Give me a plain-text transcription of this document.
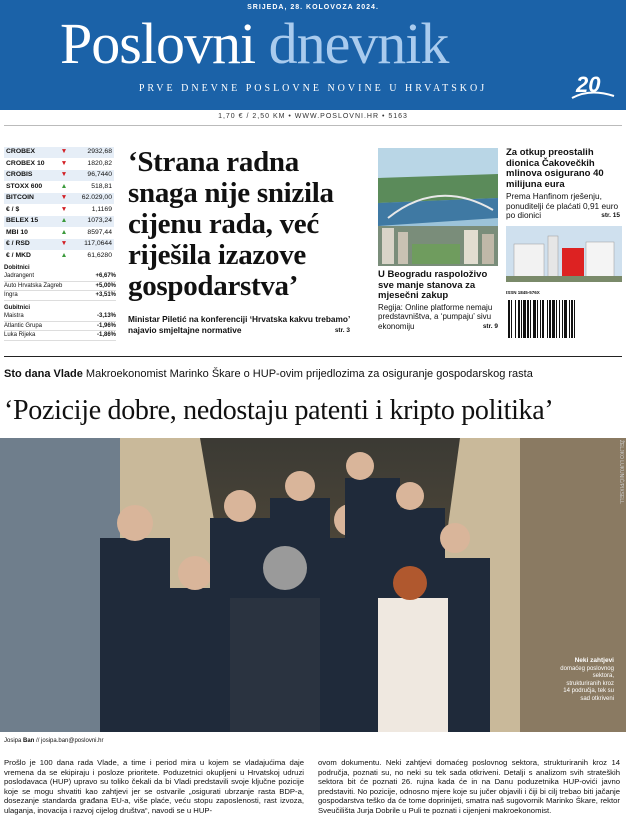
SRIJEDA, 28. KOLOVOZA 2024.
Poslovni dnevnik
PRVE DNEVNE POSLOVNE NOVINE U HRVATSKOJ	20
1,70 € / 2,50 KM • WWW.POSLOVNI.HR • 5163
CROBEX	▼	2932,68
CROBEX 10	▼	1820,82
CROBIS	▼	96,7440
STOXX 600	▲	518,81
BITCOIN	▼	62.029,00
€ / $	▼	1,1169
BELEX 15	▲	1073,24
MBI 10	▲	8597,44
€ / RSD	▼	117,0644
€ / MKD	▲	61,6280
Dobitnici
Jadrangent	+6,67%
Auto Hrvatska Zagreb	+5,00%
Ingra	+3,51%
Gubitnici
Maistra	-3,13%
Atlantic Grupa	-1,96%
Luka Rijeka	-1,86%
‘Strana radna snaga nije snizila cijenu rada, već riješila izazove gospodarstva’
Ministar Piletić na konferenciji ‘Hrvatska kakvu trebamo’ najavio smjeltajne normative	str. 3
Za otkup preostalih dionica Čakovečkih mlinova osigurano 40 milijuna eura
Prema Hanfinom rješenju, ponuditelji će plaćati 0,91 euro po dionici	str. 15
U Beogradu raspoloživo sve manje stanova za mjesečni zakup
Regija: Online platforme nemaju predstavništva, a ‘pumpaju’ sivu ekonomiju	str. 9
ISSN 1845-576X
Sto dana Vlade Makroekonomist Marinko Škare o HUP-ovim prijedlozima za osiguranje gospodarskog rasta
‘Pozicije dobre, nedostaju patenti i kripto politika’
ŽELJKO LUKUNIĆ/PIXSELL
Neki zahtjevi
domaćeg poslovnog sektora, strukturiranih kroz 14 područja, tek su sad otkriveni
Josipa Ban // josipa.ban@poslovni.hr
Prošlo je 100 dana rada Vlade, a time i period mira u kojem se vladajućima daje vremena da se ekipiraju i posloze prioritete. Poduzetnici okupljeni u Hrvatskoj udruzi poslodavaca (HUP) upravo su toliko čekali da bi Vladi predstavili svoje ključne pozicije koje se mogu shvatiti kao zahtjevi jer se ostvarile „osigurati ubrzanje rasta BDP-a, dosezanje standarda građana EU-a, više plaće, veću stopu zaposlenosti, rast izvoza, ulaganja, inovacija i razvoj cijelog društva“, navodi se u HUP-
ovom dokumentu. Neki zahtjevi domaćeg poslovnog sektora, strukturiranih kroz 14 područja, poznati su, no neki su tek sada otkriveni. Detalji s analizom svih strateških sektora bit će poznati 26. rujna kada će in na Danu poduzetnika HUP-ovići javno predstaviti. No pozicije, odnosno mjere koje su jučer objavili i čiji bi cilj trebao biti jačanje gospodarstva teško da će tome doprinijeti, smatra naš sugovornik Marinko Škare, rektor Sveučilišta Jurja Dobrile u Puli te poznati i cijenjeni makroekonomist.
